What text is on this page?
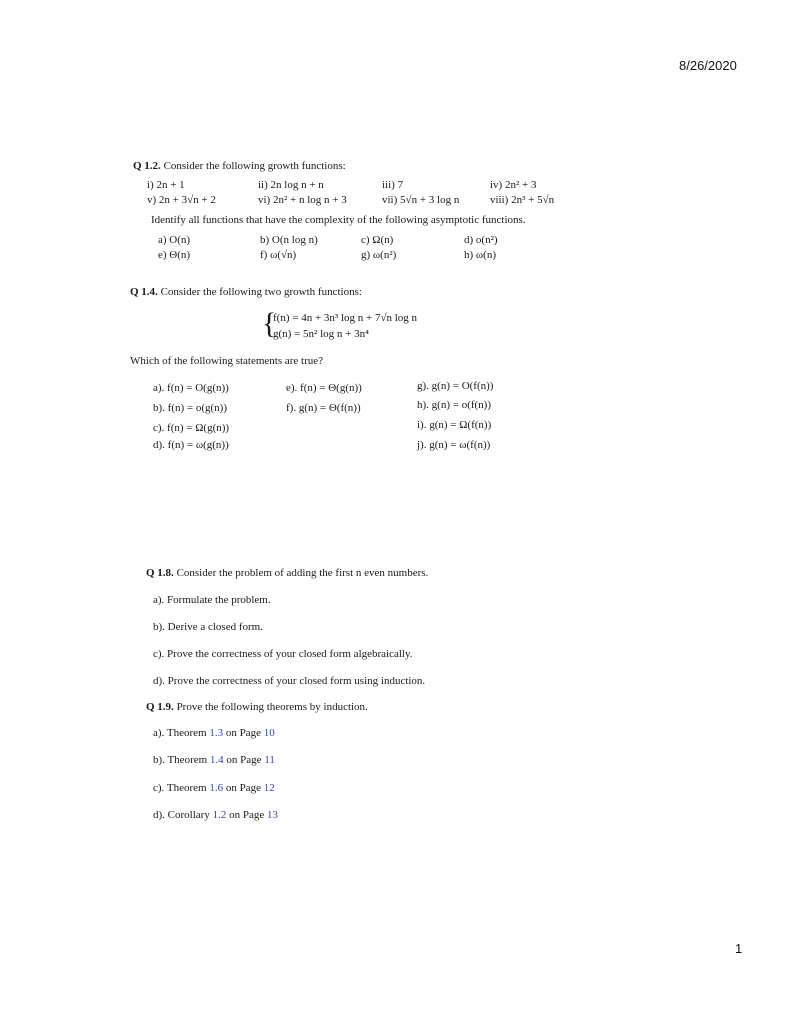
8/26/2020
Q 1.2. Consider the following growth functions:
i) 2n + 1	ii) 2n log n + n	iii) 7	iv) 2n² + 3
v) 2n + 3√n + 2	vi) 2n² + n log n + 3	vii) 5√n + 3 log n	viii) 2n³ + 5√n
Identify all functions that have the complexity of the following asymptotic functions.
a) O(n)	b) O(n log n)	c) Ω(n)	d) o(n²)
e) Θ(n)	f) ω(√n)	g) ω(n²)	h) ω(n)
Q 1.4. Consider the following two growth functions:
{
f(n) = 4n + 3n³ log n + 7√n log n
g(n) = 5n² log n + 3n⁴
Which of the following statements are true?
a). f(n) = O(g(n))
b). f(n) = o(g(n))
c). f(n) = Ω(g(n))
d). f(n) = ω(g(n))
e). f(n) = Θ(g(n))
f). g(n) = Θ(f(n))
g). g(n) = O(f(n))
h). g(n) = o(f(n))
i). g(n) = Ω(f(n))
j). g(n) = ω(f(n))
Q 1.8. Consider the problem of adding the first n even numbers.
a). Formulate the problem.
b). Derive a closed form.
c). Prove the correctness of your closed form algebraically.
d). Prove the correctness of your closed form using induction.
Q 1.9. Prove the following theorems by induction.
a). Theorem 1.3 on Page 10
b). Theorem 1.4 on Page 11
c). Theorem 1.6 on Page 12
d). Corollary 1.2 on Page 13
1
